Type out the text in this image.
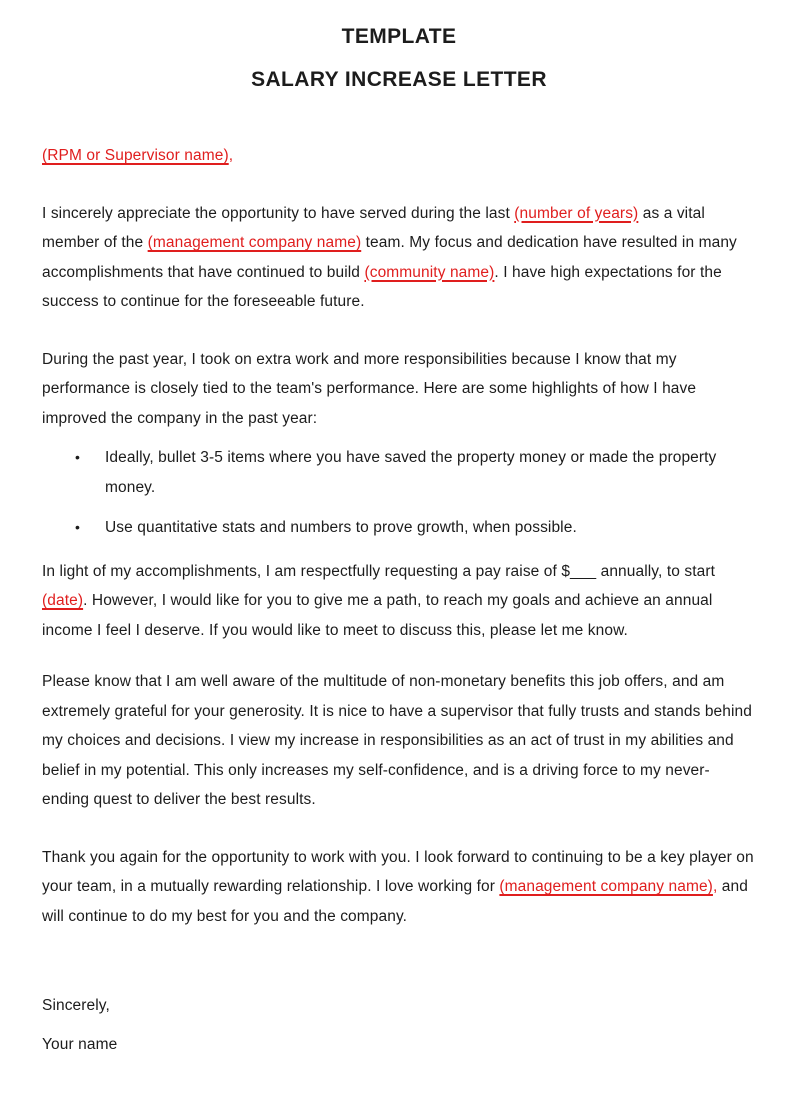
TEMPLATE
SALARY INCREASE LETTER

(RPM or Supervisor name),

I sincerely appreciate the opportunity to have served during the last (number of years) as a vital member of the (management company name) team. My focus and dedication have resulted in many accomplishments that have continued to build (community name). I have high expectations for the success to continue for the foreseeable future.

During the past year, I took on extra work and more responsibilities because I know that my performance is closely tied to the team's performance. Here are some highlights of how I have improved the company in the past year:

•	Ideally, bullet 3-5 items where you have saved the property money or made the property money.
•	Use quantitative stats and numbers to prove growth, when possible.

In light of my accomplishments, I am respectfully requesting a pay raise of $___ annually, to start (date). However, I would like for you to give me a path, to reach my goals and achieve an annual income I feel I deserve. If you would like to meet to discuss this, please let me know.

Please know that I am well aware of the multitude of non-monetary benefits this job offers, and am extremely grateful for your generosity. It is nice to have a supervisor that fully trusts and stands behind my choices and decisions. I view my increase in responsibilities as an act of trust in my abilities and belief in my potential. This only increases my self-confidence, and is a driving force to my never-ending quest to deliver the best results.

Thank you again for the opportunity to work with you. I look forward to continuing to be a key player on your team, in a mutually rewarding relationship. I love working for (management company name), and will continue to do my best for you and the company.

Sincerely,

Your name
